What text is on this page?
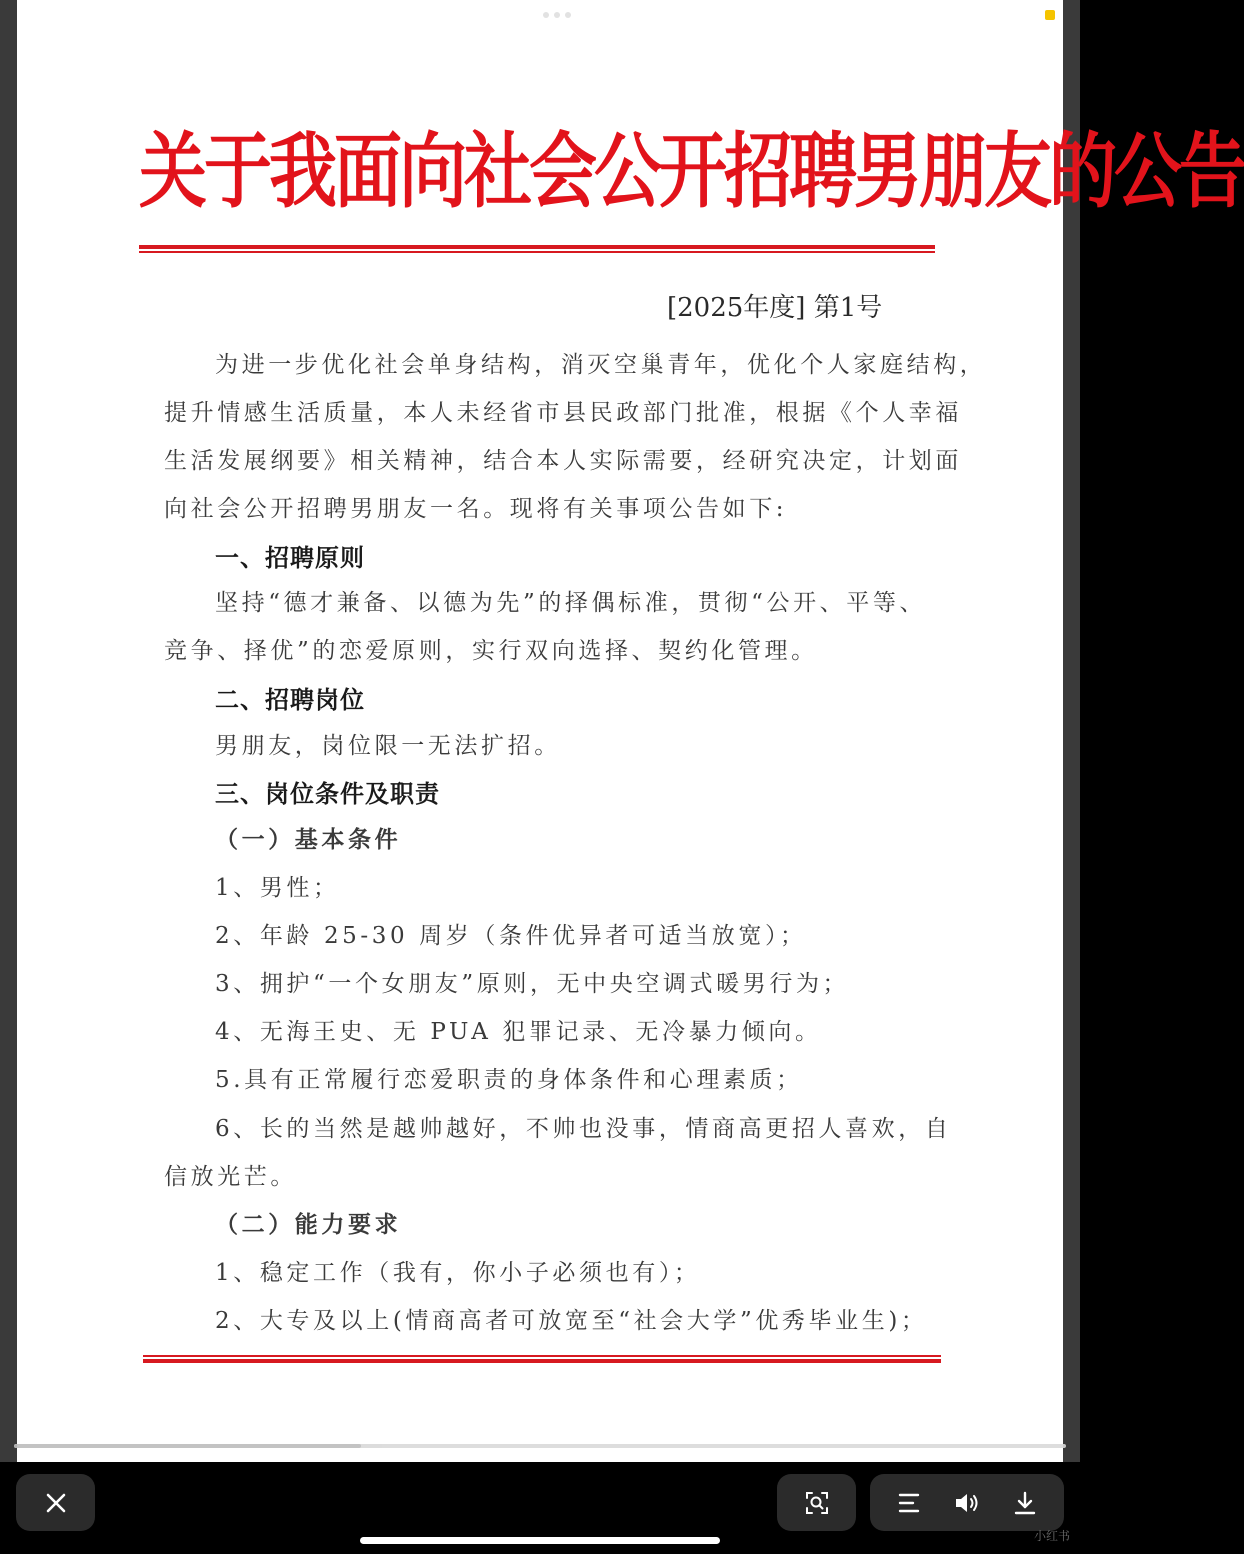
关于我面向社会公开招聘男朋友的公告
[2025年度] 第1号
为进一步优化社会单身结构，消灭空巢青年，优化个人家庭结构，
提升情感生活质量，本人未经省市县民政部门批准，根据《个人幸福
生活发展纲要》相关精神，结合本人实际需要，经研究决定，计划面
向社会公开招聘男朋友一名。现将有关事项公告如下:
一、招聘原则
坚持“德才兼备、以德为先”的择偶标准，贯彻“公开、平等、
竞争、择优”的恋爱原则，实行双向选择、契约化管理。
二、招聘岗位
男朋友，岗位限一无法扩招。
三、岗位条件及职责
（一）基本条件
1、男性；
2、年龄 25-30 周岁（条件优异者可适当放宽）；
3、拥护“一个女朋友”原则，无中央空调式暖男行为；
4、无海王史、无 PUA 犯罪记录、无冷暴力倾向。
5.具有正常履行恋爱职责的身体条件和心理素质；
6、长的当然是越帅越好，不帅也没事，情商高更招人喜欢，自
信放光芒。
（二）能力要求
1、稳定工作（我有，你小子必须也有）；
2、大专及以上(情商高者可放宽至“社会大学”优秀毕业生)；
小红书
